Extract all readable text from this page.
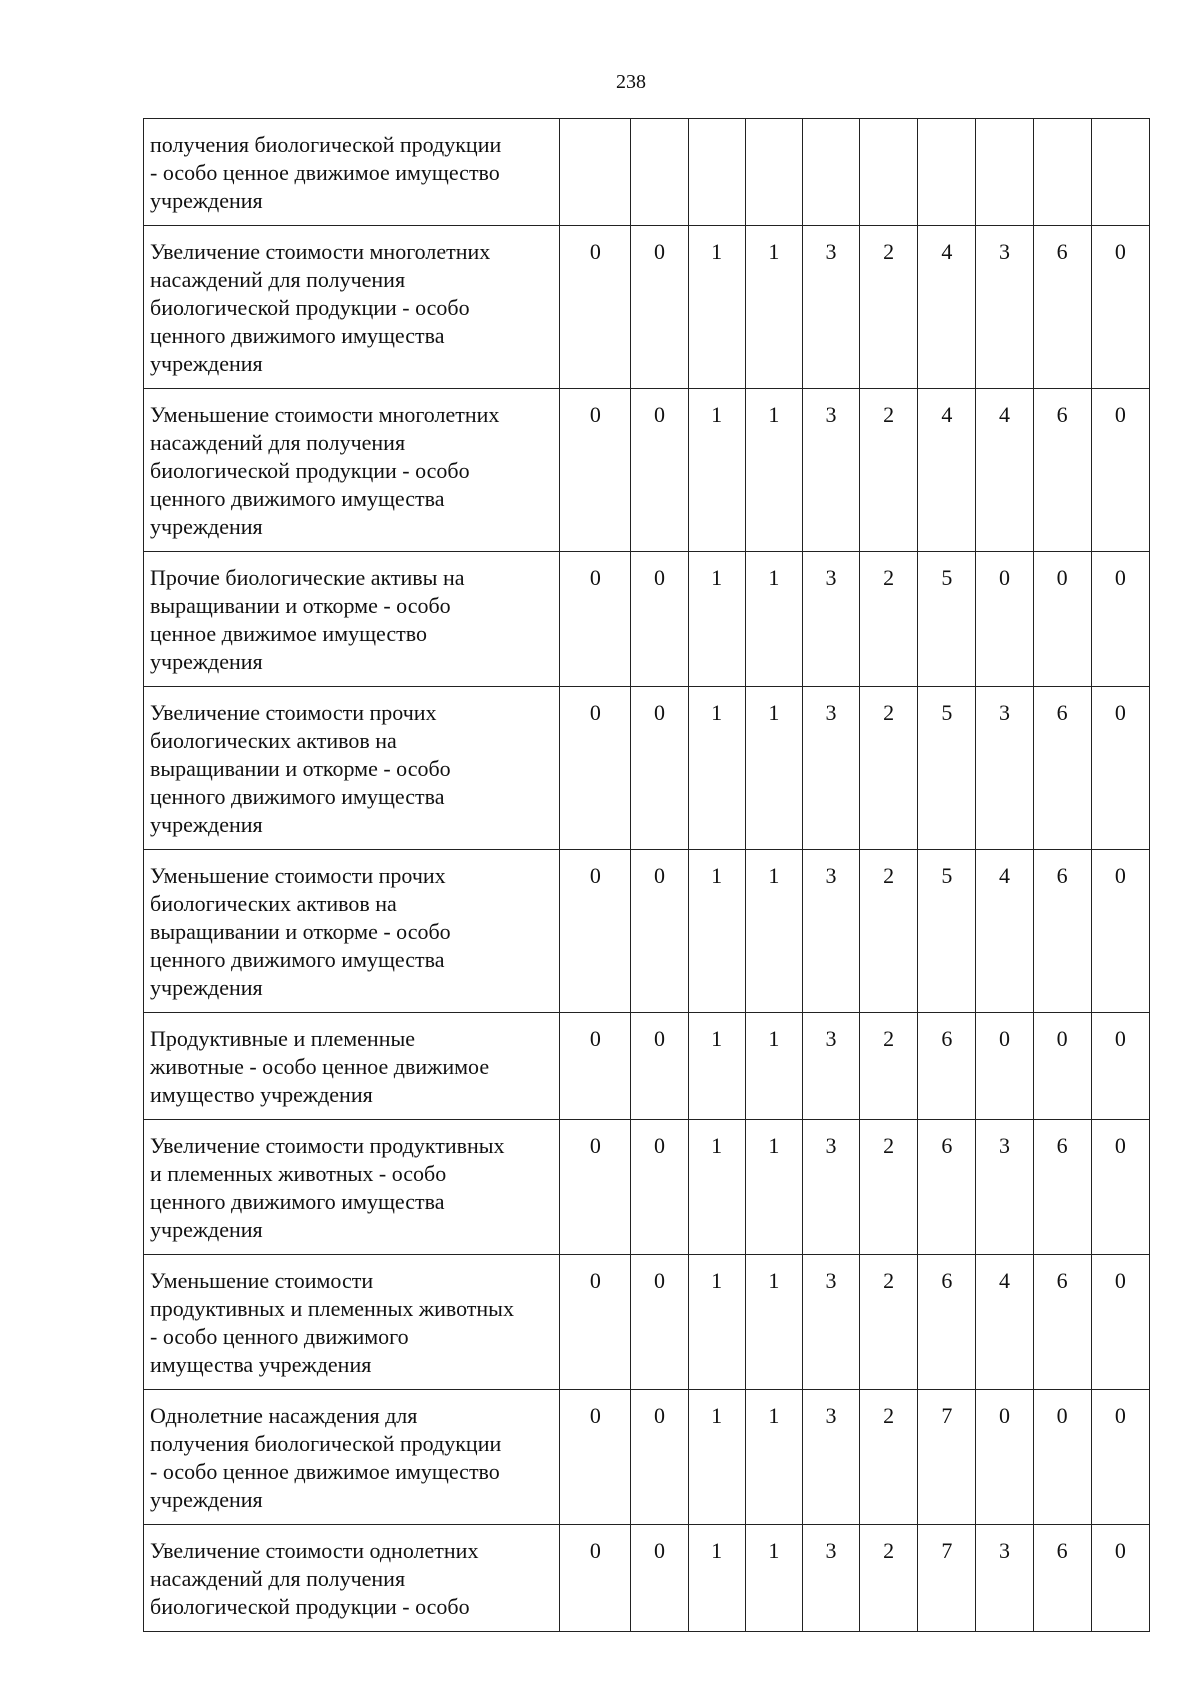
238
получения биологической продукции
- особо ценное движимое имущество
учреждения										

Увеличение стоимости многолетних
насаждений для получения
биологической продукции - особо
ценного движимого имущества
учреждения	0	0	1	1	3	2	4	3	6	0

Уменьшение стоимости многолетних
насаждений для получения
биологической продукции - особо
ценного движимого имущества
учреждения	0	0	1	1	3	2	4	4	6	0

Прочие биологические активы на
выращивании и откорме - особо
ценное движимое имущество
учреждения	0	0	1	1	3	2	5	0	0	0

Увеличение стоимости прочих
биологических активов на
выращивании и откорме - особо
ценного движимого имущества
учреждения	0	0	1	1	3	2	5	3	6	0

Уменьшение стоимости прочих
биологических активов на
выращивании и откорме - особо
ценного движимого имущества
учреждения	0	0	1	1	3	2	5	4	6	0

Продуктивные и племенные
животные - особо ценное движимое
имущество учреждения	0	0	1	1	3	2	6	0	0	0

Увеличение стоимости продуктивных
и племенных животных - особо
ценного движимого имущества
учреждения	0	0	1	1	3	2	6	3	6	0

Уменьшение стоимости
продуктивных и племенных животных
- особо ценного движимого
имущества учреждения	0	0	1	1	3	2	6	4	6	0

Однолетние насаждения для
получения биологической продукции
- особо ценное движимое имущество
учреждения	0	0	1	1	3	2	7	0	0	0

Увеличение стоимости однолетних
насаждений для получения
биологической продукции - особо	0	0	1	1	3	2	7	3	6	0
